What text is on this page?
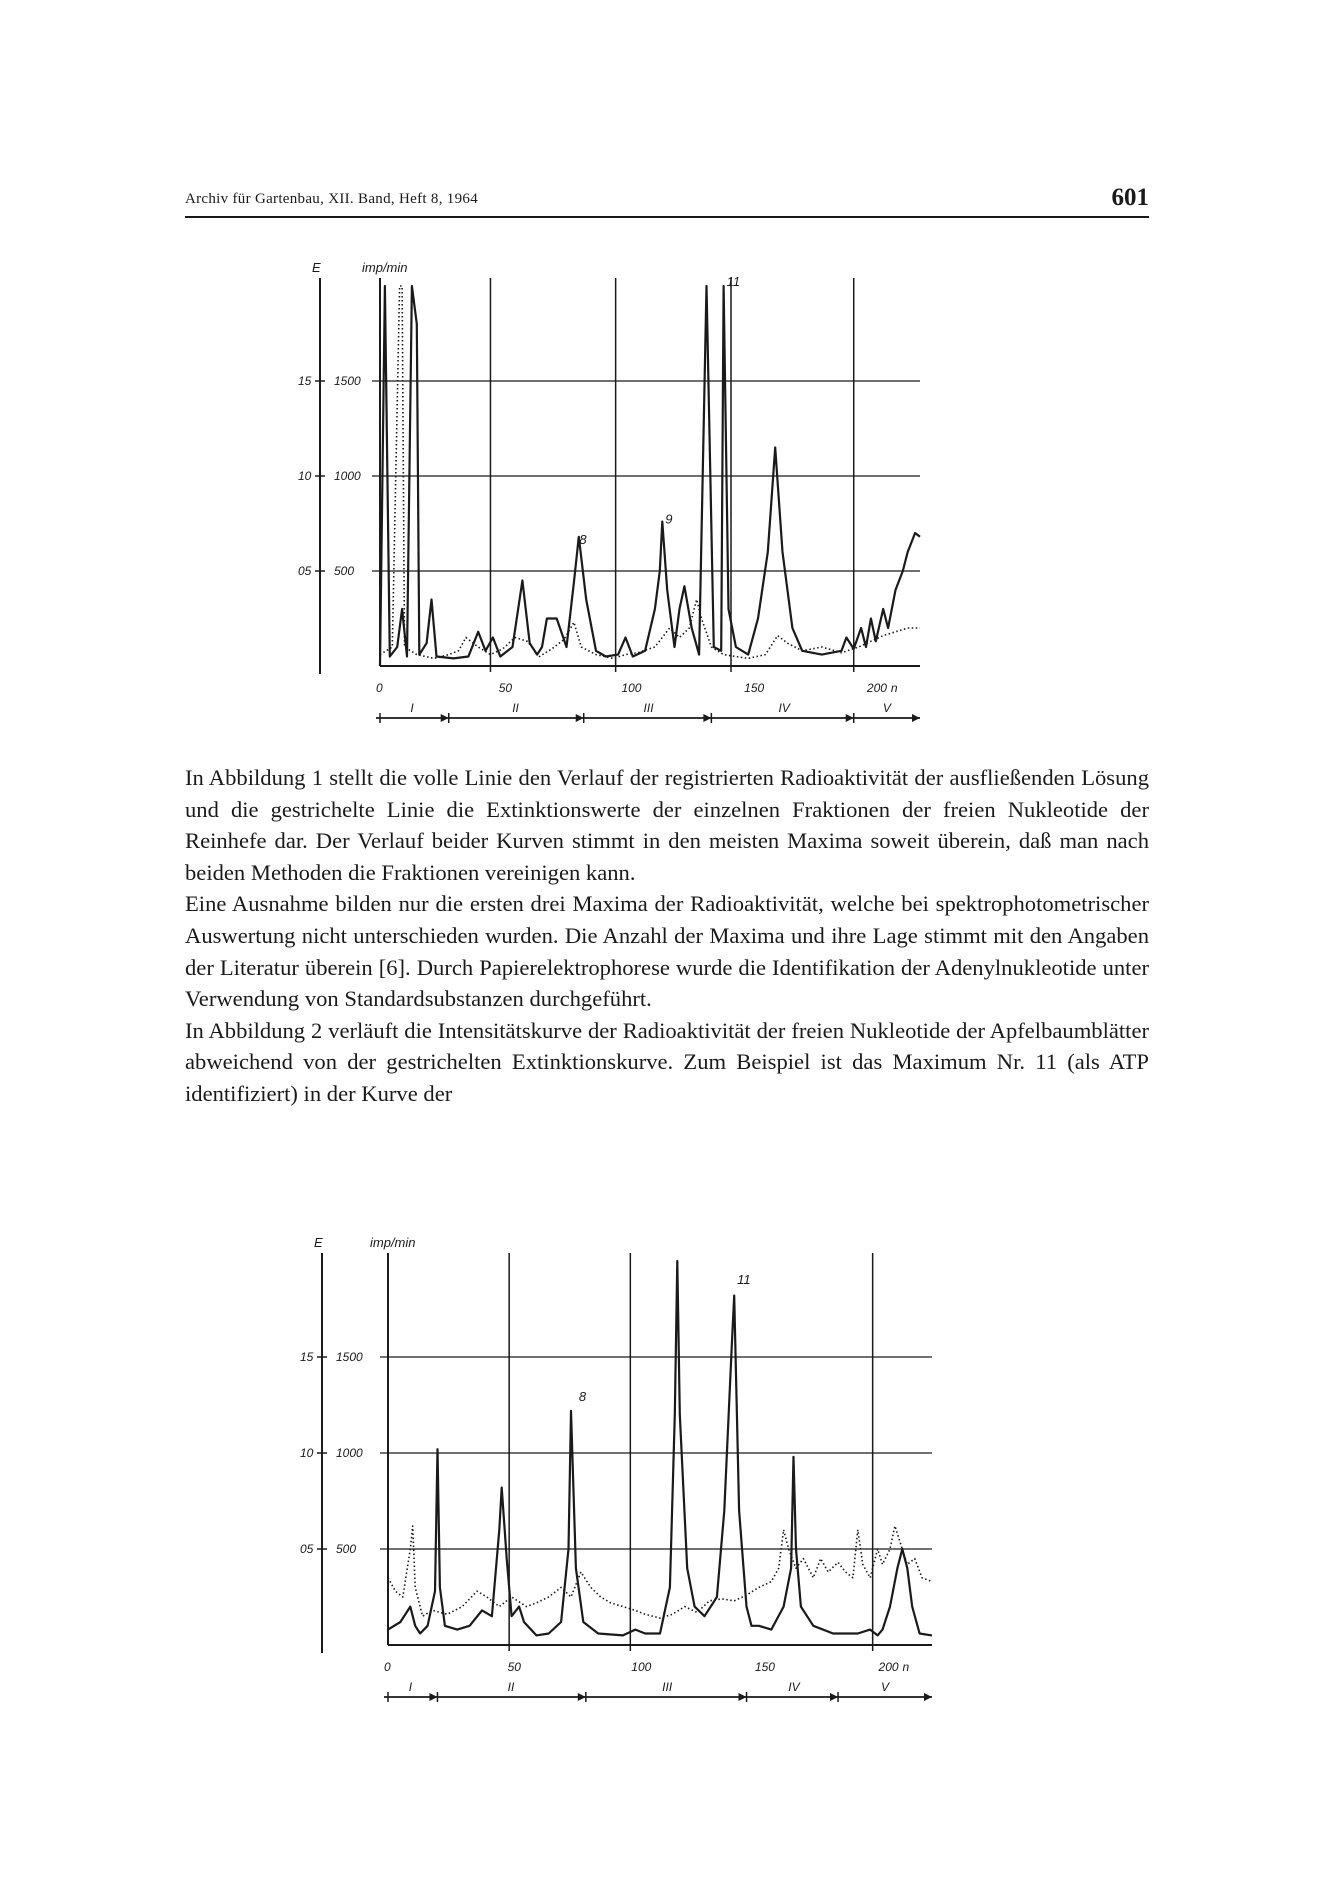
Archiv für Gartenbau, XII. Band, Heft 8, 1964	601
E	imp/min
05 500
10 1000
15 1500
0	50	100	150	200 n
I	II	III	IV	V
8
9
11

In Abbildung 1 stellt die volle Linie den Verlauf der registrierten Radioaktivität der ausfließenden Lösung und die gestrichelte Linie die Extinktionswerte der einzelnen Fraktionen der freien Nukleotide der Reinhefe dar. Der Verlauf beider Kurven stimmt in den meisten Maxima soweit überein, daß man nach beiden Methoden die Fraktionen vereinigen kann.

Eine Ausnahme bilden nur die ersten drei Maxima der Radioaktivität, welche bei spektrophotometrischer Auswertung nicht unterschieden wurden. Die Anzahl der Maxima und ihre Lage stimmt mit den Angaben der Literatur überein [6]. Durch Papierelektrophorese wurde die Identifikation der Adenylnukleotide unter Verwendung von Standardsubstanzen durchgeführt.

In Abbildung 2 verläuft die Intensitätskurve der Radioaktivität der freien Nukleotide der Apfelbaumblätter abweichend von der gestrichelten Extinktionskurve. Zum Beispiel ist das Maximum Nr. 11 (als ATP identifiziert) in der Kurve der

E	imp/min
05 500
10 1000
15 1500
0	50	100	150	200 n
I	II	III	IV	V
8
11
